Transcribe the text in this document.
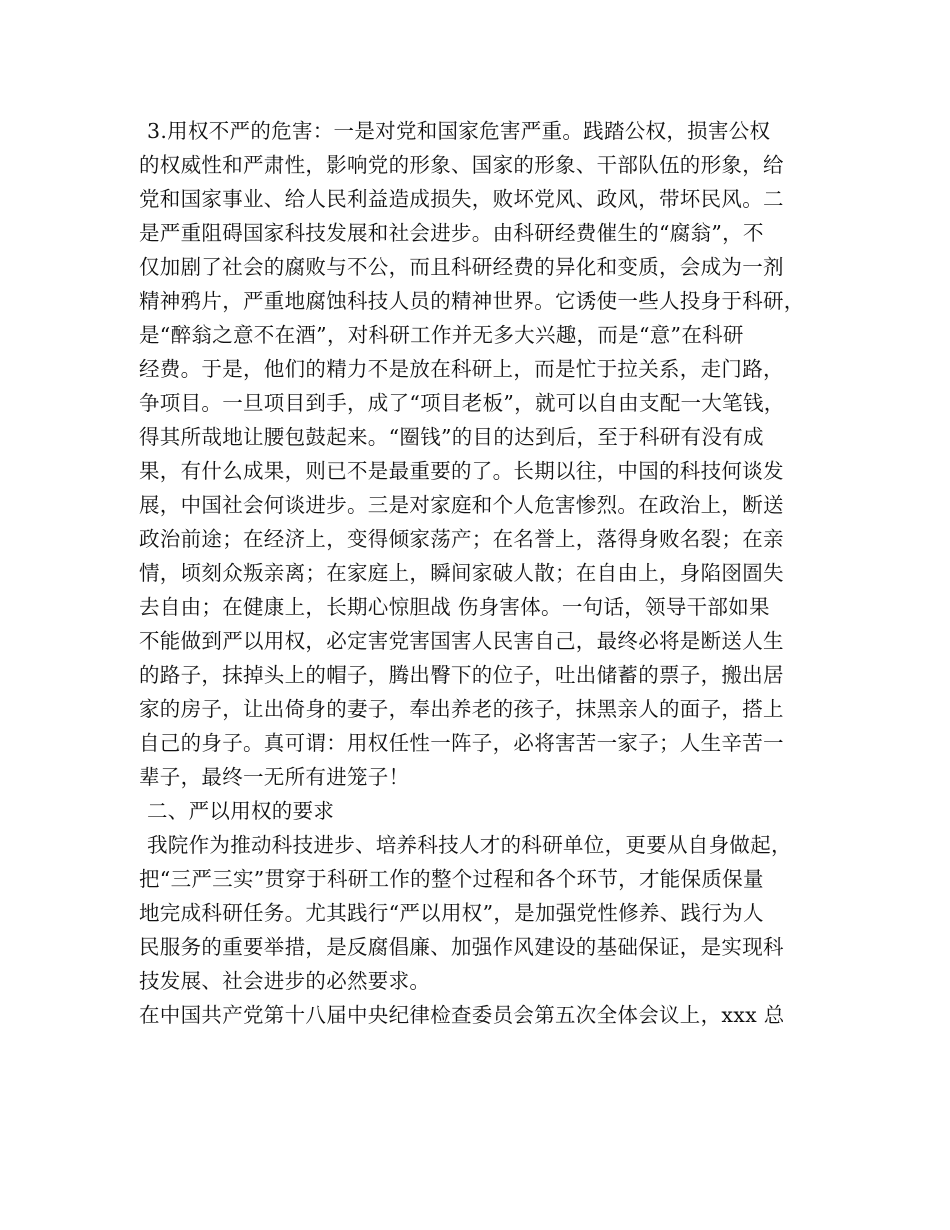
3.用权不严的危害：一是对党和国家危害严重。践踏公权，损害公权
的权威性和严肃性，影响党的形象、国家的形象、干部队伍的形象，给
党和国家事业、给人民利益造成损失，败坏党风、政风，带坏民风。二
是严重阻碍国家科技发展和社会进步。由科研经费催生的“腐翁”，不
仅加剧了社会的腐败与不公，而且科研经费的异化和变质，会成为一剂
精神鸦片，严重地腐蚀科技人员的精神世界。它诱使一些人投身于科研，
是“醉翁之意不在酒”，对科研工作并无多大兴趣，而是“意”在科研
经费。于是，他们的精力不是放在科研上，而是忙于拉关系，走门路，
争项目。一旦项目到手，成了“项目老板”，就可以自由支配一大笔钱，
得其所哉地让腰包鼓起来。“圈钱”的目的达到后，至于科研有没有成
果，有什么成果，则已不是最重要的了。长期以往，中国的科技何谈发
展，中国社会何谈进步。三是对家庭和个人危害惨烈。在政治上，断送
政治前途；在经济上，变得倾家荡产；在名誉上，落得身败名裂；在亲
情，顷刻众叛亲离；在家庭上，瞬间家破人散；在自由上，身陷囹圄失
去自由；在健康上，长期心惊胆战 伤身害体。一句话，领导干部如果
不能做到严以用权，必定害党害国害人民害自己，最终必将是断送人生
的路子，抹掉头上的帽子，腾出臀下的位子，吐出储蓄的票子，搬出居
家的房子，让出倚身的妻子，奉出养老的孩子，抹黑亲人的面子，搭上
自己的身子。真可谓：用权任性一阵子，必将害苦一家子；人生辛苦一
辈子，最终一无所有进笼子！
二、严以用权的要求
我院作为推动科技进步、培养科技人才的科研单位，更要从自身做起，
把“三严三实”贯穿于科研工作的整个过程和各个环节，才能保质保量
地完成科研任务。尤其践行“严以用权”，是加强党性修养、践行为人
民服务的重要举措，是反腐倡廉、加强作风建设的基础保证，是实现科
技发展、社会进步的必然要求。
在中国共产党第十八届中央纪律检查委员会第五次全体会议上，xxx 总
